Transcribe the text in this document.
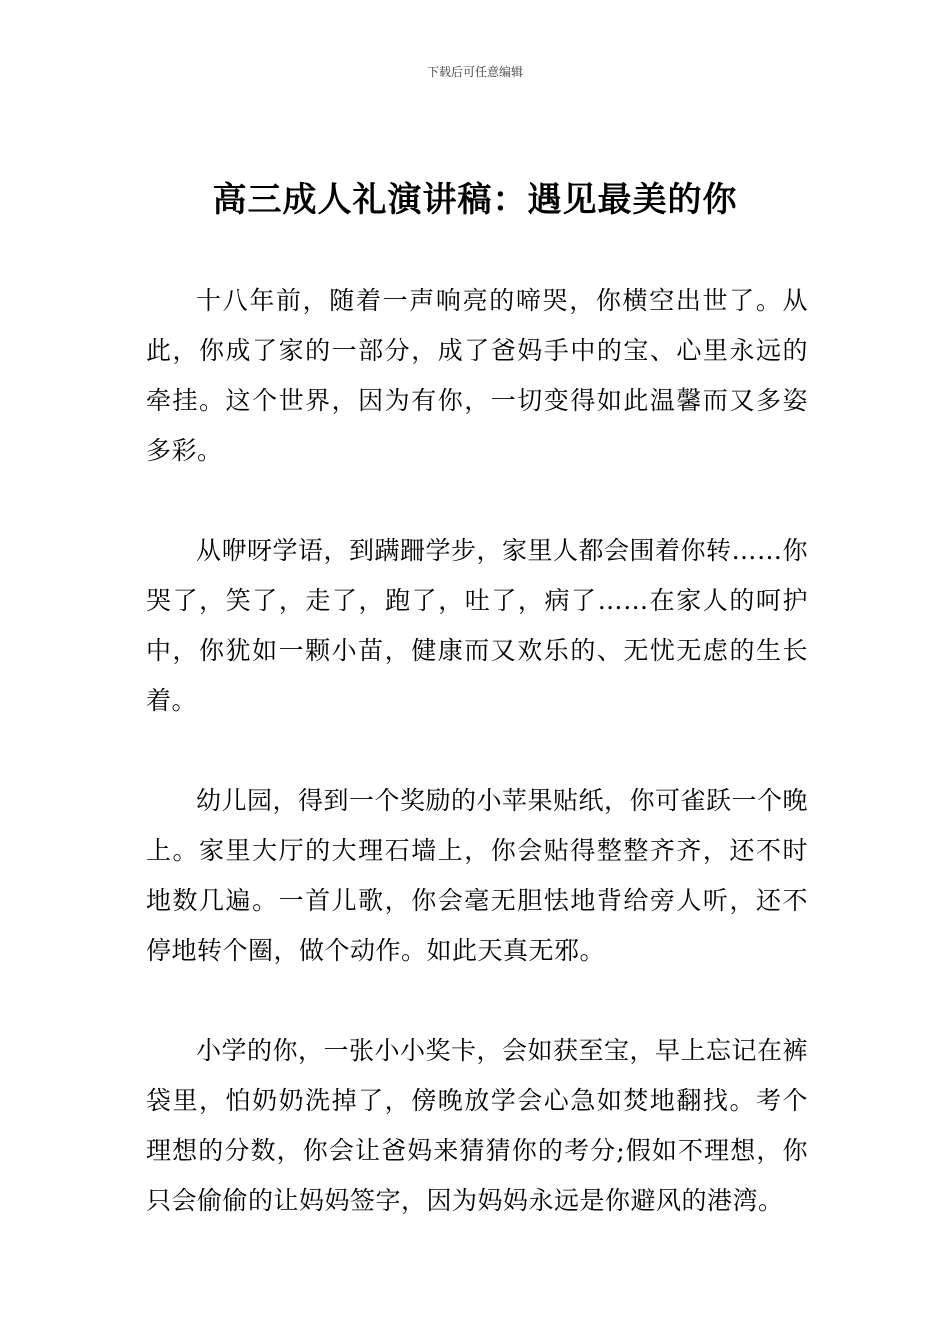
下载后可任意编辑
高三成人礼演讲稿：遇见最美的你

十八年前，随着一声响亮的啼哭，你横空出世了。从此，你成了家的一部分，成了爸妈手中的宝、心里永远的牵挂。这个世界，因为有你，一切变得如此温馨而又多姿多彩。

从咿呀学语，到蹒跚学步，家里人都会围着你转……你哭了，笑了，走了，跑了，吐了，病了……在家人的呵护中，你犹如一颗小苗，健康而又欢乐的、无忧无虑的生长着。

幼儿园，得到一个奖励的小苹果贴纸，你可雀跃一个晚上。家里大厅的大理石墙上，你会贴得整整齐齐，还不时地数几遍。一首儿歌，你会毫无胆怯地背给旁人听，还不停地转个圈，做个动作。如此天真无邪。

小学的你，一张小小奖卡，会如获至宝，早上忘记在裤袋里，怕奶奶洗掉了，傍晚放学会心急如焚地翻找。考个理想的分数，你会让爸妈来猜猜你的考分;假如不理想，你只会偷偷的让妈妈签字，因为妈妈永远是你避风的港湾。
